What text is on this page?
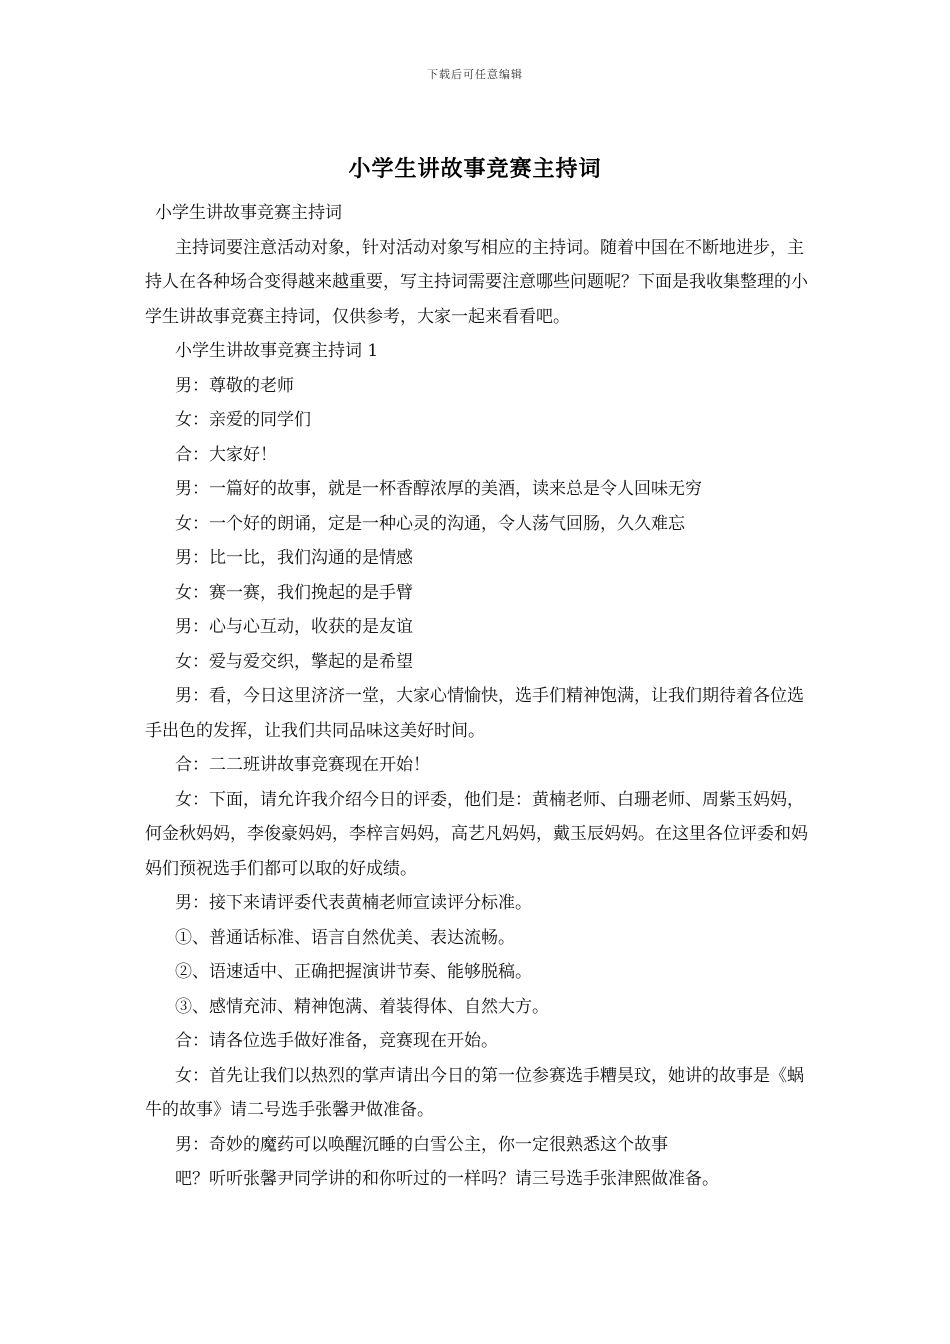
下载后可任意编辑
小学生讲故事竞赛主持词

小学生讲故事竞赛主持词

主持词要注意活动对象，针对活动对象写相应的主持词。随着中国在不断地进步，主持人在各种场合变得越来越重要，写主持词需要注意哪些问题呢？下面是我收集整理的小学生讲故事竞赛主持词，仅供参考，大家一起来看看吧。

小学生讲故事竞赛主持词 1

男：尊敬的老师

女：亲爱的同学们

合：大家好！

男：一篇好的故事，就是一杯香醇浓厚的美酒，读来总是令人回味无穷

女：一个好的朗诵，定是一种心灵的沟通，令人荡气回肠，久久难忘

男：比一比，我们沟通的是情感

女：赛一赛，我们挽起的是手臂

男：心与心互动，收获的是友谊

女：爱与爱交织，擎起的是希望

男：看，今日这里济济一堂，大家心情愉快，选手们精神饱满，让我们期待着各位选手出色的发挥，让我们共同品味这美好时间。

合：二二班讲故事竞赛现在开始！

女：下面，请允许我介绍今日的评委，他们是：黄楠老师、白珊老师、周紫玉妈妈，何金秋妈妈，李俊豪妈妈，李梓言妈妈，高艺凡妈妈，戴玉辰妈妈。在这里各位评委和妈妈们预祝选手们都可以取的好成绩。

男：接下来请评委代表黄楠老师宣读评分标准。

①、普通话标准、语言自然优美、表达流畅。

②、语速适中、正确把握演讲节奏、能够脱稿。

③、感情充沛、精神饱满、着装得体、自然大方。

合：请各位选手做好准备，竞赛现在开始。

女：首先让我们以热烈的掌声请出今日的第一位参赛选手糟昊玟，她讲的故事是《蜗牛的故事》请二号选手张馨尹做准备。

男：奇妙的魔药可以唤醒沉睡的白雪公主，你一定很熟悉这个故事

吧？听听张馨尹同学讲的和你听过的一样吗？请三号选手张津熙做准备。
